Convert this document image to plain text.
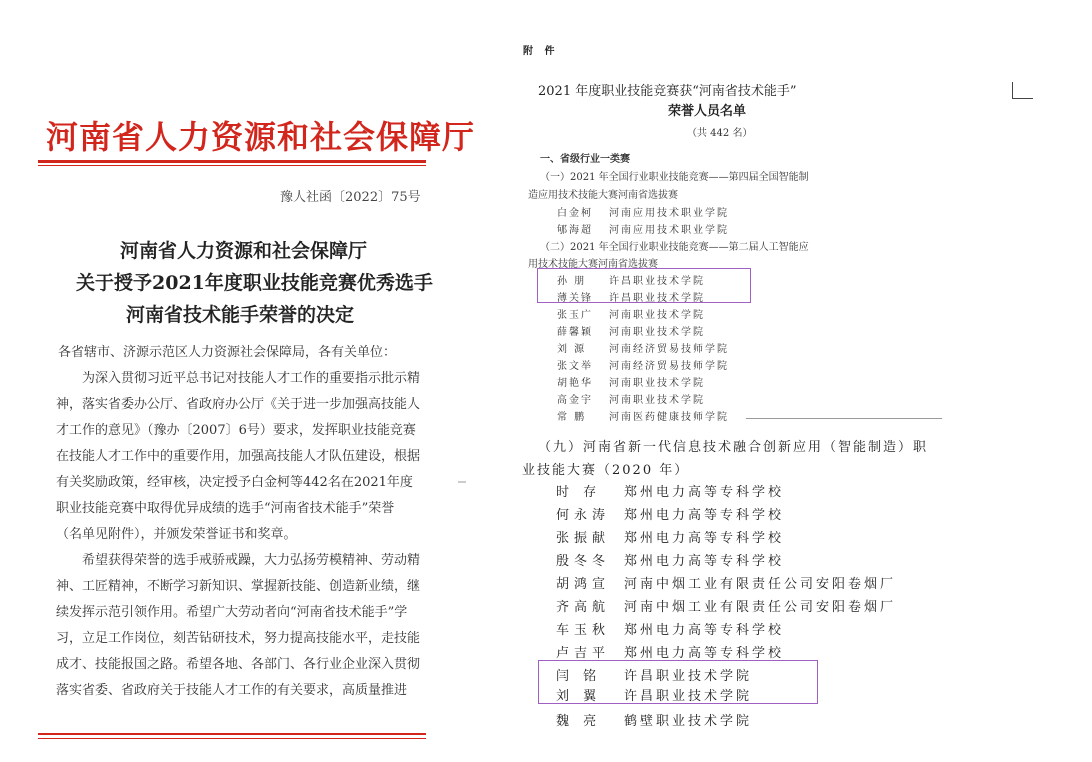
河南省人力资源和社会保障厅
豫人社函〔2022〕75号
河南省人力资源和社会保障厅
关于授予2021年度职业技能竞赛优秀选手
河南省技术能手荣誉的决定
各省辖市、济源示范区人力资源社会保障局，各有关单位：
为深入贯彻习近平总书记对技能人才工作的重要指示批示精
神，落实省委办公厅、省政府办公厅《关于进一步加强高技能人
才工作的意见》（豫办〔2007〕6号）要求，发挥职业技能竞赛
在技能人才工作中的重要作用，加强高技能人才队伍建设，根据
有关奖励政策，经审核，决定授予白金柯等442名在2021年度
职业技能竞赛中取得优异成绩的选手“河南省技术能手”荣誉
（名单见附件），并颁发荣誉证书和奖章。
希望获得荣誉的选手戒骄戒躁，大力弘扬劳模精神、劳动精
神、工匠精神，不断学习新知识、掌握新技能、创造新业绩，继
续发挥示范引领作用。希望广大劳动者向“河南省技术能手”学
习，立足工作岗位，刻苦钻研技术，努力提高技能水平，走技能
成才、技能报国之路。希望各地、各部门、各行业企业深入贯彻
落实省委、省政府关于技能人才工作的有关要求，高质量推进
附 件
2021 年度职业技能竞赛获“河南省技术能手”
荣誉人员名单
（共 442 名）
一、省级行业一类赛
（一）2021 年全国行业职业技能竞赛——第四届全国智能制
造应用技术技能大赛河南省选拔赛
白金柯 河南应用技术职业学院
郇海超 河南应用技术职业学院
（二）2021 年全国行业职业技能竞赛——第二届人工智能应
用技术技能大赛河南省选拔赛
孙 朋 许昌职业技术学院
薄关锋 许昌职业技术学院
张玉广 河南职业技术学院
薛馨颖 河南职业技术学院
刘 源 河南经济贸易技师学院
张文举 河南经济贸易技师学院
胡艳华 河南职业技术学院
高金宇 河南职业技术学院
常 鹏 河南医药健康技师学院
（九）河南省新一代信息技术融合创新应用（智能制造）职
业技能大赛（2020 年）
时 存 郑州电力高等专科学校
何永涛 郑州电力高等专科学校
张振献 郑州电力高等专科学校
殷冬冬 郑州电力高等专科学校
胡鸿宣 河南中烟工业有限责任公司安阳卷烟厂
齐高航 河南中烟工业有限责任公司安阳卷烟厂
车玉秋 郑州电力高等专科学校
卢吉平 郑州电力高等专科学校
闫 铭 许昌职业技术学院
刘 翼 许昌职业技术学院
魏 亮 鹤壁职业技术学院
